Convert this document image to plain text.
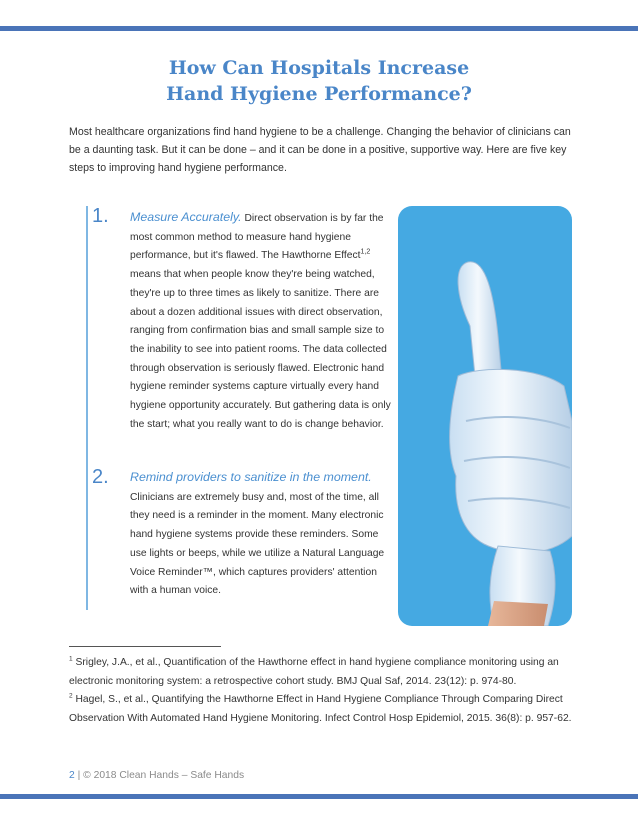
How Can Hospitals Increase
Hand Hygiene Performance?

Most healthcare organizations find hand hygiene to be a challenge. Changing the behavior of clinicians can be a daunting task. But it can be done – and it can be done in a positive, supportive way. Here are five key steps to improving hand hygiene performance.

1. Measure Accurately. Direct observation is by far the most common method to measure hand hygiene performance, but it's flawed. The Hawthorne Effect$^{1,2}$ means that when people know they're being watched, they're up to three times as likely to sanitize. There are about a dozen additional issues with direct observation, ranging from confirmation bias and small sample size to the inability to see into patient rooms. The data collected through observation is seriously flawed. Electronic hand hygiene reminder systems capture virtually every hand hygiene opportunity accurately. But gathering data is only the start; what you really want to do is change behavior.
2. Remind providers to sanitize in the moment. Clinicians are extremely busy and, most of the time, all they need is a reminder in the moment. Many electronic hand hygiene systems provide these reminders. Some use lights or beeps, while we utilize a Natural Language Voice Reminder™, which captures providers' attention with a human voice.

$^1$ Srigley, J.A., et al., Quantification of the Hawthorne effect in hand hygiene compliance monitoring using an electronic monitoring system: a retrospective cohort study. BMJ Qual Saf, 2014. 23(12): p. 974-80.

$^2$ Hagel, S., et al., Quantifying the Hawthorne Effect in Hand Hygiene Compliance Through Comparing Direct Observation With Automated Hand Hygiene Monitoring. Infect Control Hosp Epidemiol, 2015. 36(8): p. 957-62.

2 | © 2018 Clean Hands – Safe Hands
